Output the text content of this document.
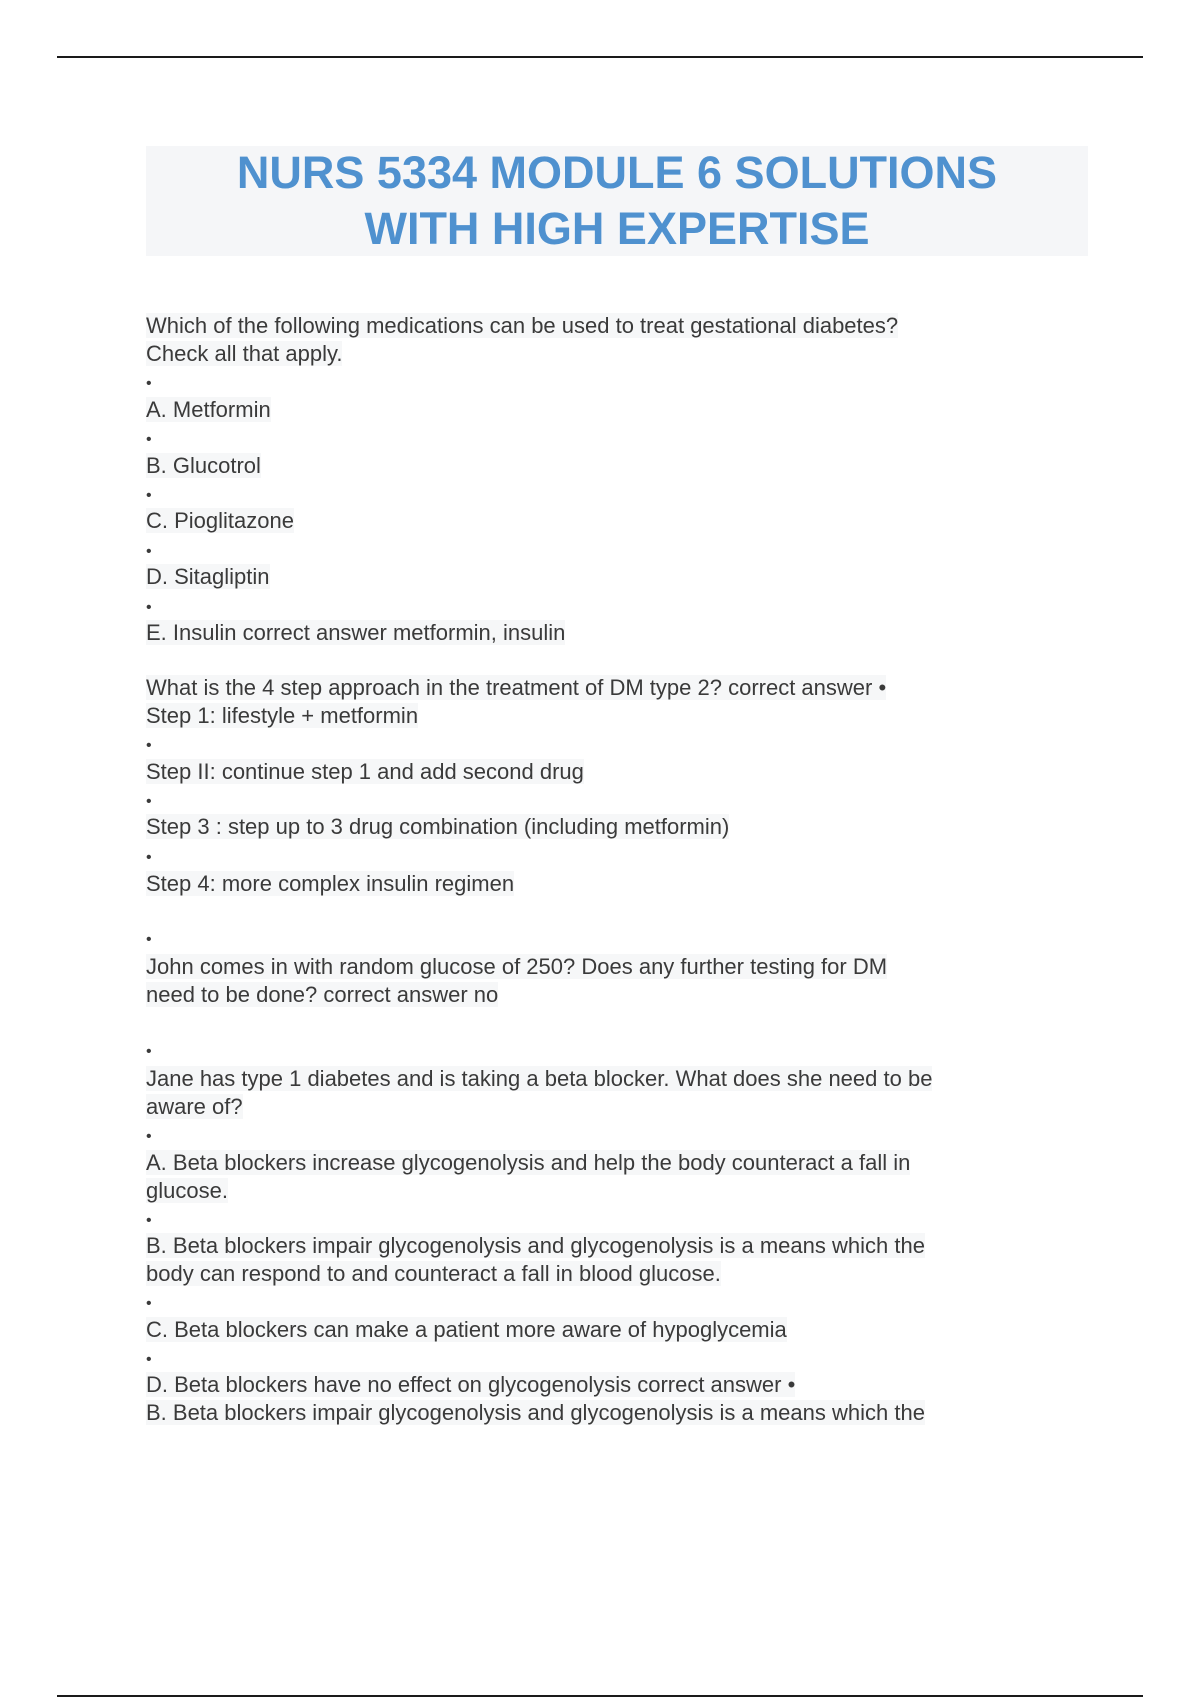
NURS 5334 MODULE 6 SOLUTIONS
WITH HIGH EXPERTISE
Which of the following medications can be used to treat gestational diabetes?
Check all that apply.
•
A. Metformin
•
B. Glucotrol
•
C. Pioglitazone
•
D. Sitagliptin
•
E. Insulin correct answer metformin, insulin
What is the 4 step approach in the treatment of DM type 2? correct answer •
Step 1: lifestyle + metformin
•
Step II: continue step 1 and add second drug
•
Step 3 : step up to 3 drug combination (including metformin)
•
Step 4: more complex insulin regimen
•
John comes in with random glucose of 250? Does any further testing for DM
need to be done? correct answer no
•
Jane has type 1 diabetes and is taking a beta blocker. What does she need to be
aware of?
•
A. Beta blockers increase glycogenolysis and help the body counteract a fall in
glucose.
•
B. Beta blockers impair glycogenolysis and glycogenolysis is a means which the
body can respond to and counteract a fall in blood glucose.
•
C. Beta blockers can make a patient more aware of hypoglycemia
•
D. Beta blockers have no effect on glycogenolysis correct answer •
B. Beta blockers impair glycogenolysis and glycogenolysis is a means which the
